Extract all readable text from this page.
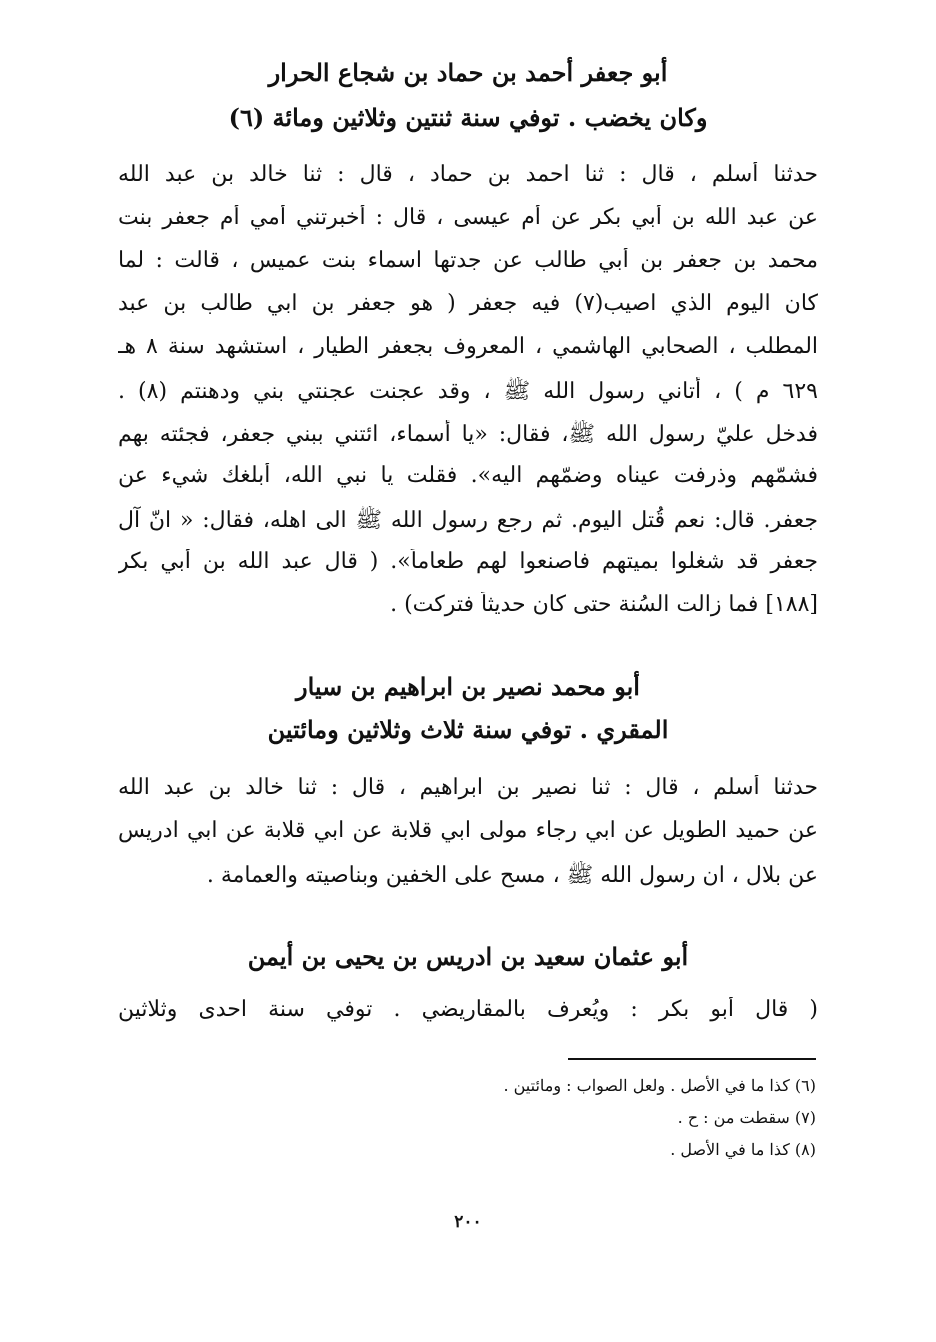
أبو جعفر أحمد بن حماد بن شجاع الحرار
وكان يخضب . توفي سنة ثنتين وثلاثين ومائة (٦)
حدثنا أسلم ، قال : ثنا احمد بن حماد ، قال : ثنا خالد بن عبد الله
عن عبد الله بن أبي بكر عن أم عيسى ، قال : أخبرتني أمي أم جعفر بنت
محمد بن جعفر بن أبي طالب عن جدتها اسماء بنت عميس ، قالت : لما
كان اليوم الذي اصيب(٧) فيه جعفر ( هو جعفر بن ابي طالب بن عبد
المطلب ، الصحابي الهاشمي ، المعروف بجعفر الطيار ، استشهد سنة ٨ هـ
٦٢٩ م ) ، أتاني رسول الله ﷺ ، وقد عجنت عجنتي بني ودهنتم (٨) .
فدخل عليّ رسول الله ﷺ، فقال: «يا أسماء، ائتني ببني جعفر، فجئته بهم
فشمّهم وذرفت عيناه وضمّهم اليه». فقلت يا نبي الله، أبلغك شيء عن
جعفر. قال: نعم قُتل اليوم. ثم رجع رسول الله ﷺ الى اهله، فقال: « انّ آل
جعفر قد شغلوا بميتهم فاصنعوا لهم طعاماً». ( قال عبد الله بن أبي بكر
[١٨٨] فما زالت السُنة حتى كان حديثاً فتركت) .
أبو محمد نصير بن ابراهيم بن سيار
المقري . توفي سنة ثلاث وثلاثين ومائتين
حدثنا أسلم ، قال : ثنا نصير بن ابراهيم ، قال : ثنا خالد بن عبد الله
عن حميد الطويل عن ابي رجاء مولى ابي قلابة عن ابي قلابة عن ابي ادريس
عن بلال ، ان رسول الله ﷺ ، مسح على الخفين وبناصيته والعمامة .
أبو عثمان سعيد بن ادريس بن يحيى بن أيمن
( قال أبو بكر : ويُعرف بالمقاريضي . توفي سنة احدى وثلاثين
(٦) كذا ما في الأصل . ولعل الصواب : ومائتين .
(٧) سقطت من : ح .
(٨) كذا ما في الأصل .
٢٠٠
